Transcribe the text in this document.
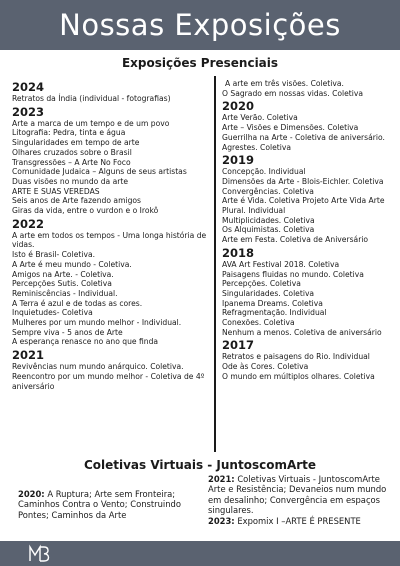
Nossas Exposições
Exposições Presenciais
2024
Retratos da Índia (individual - fotografias)
2023
Arte a marca de um tempo e de um povo
Litografia: Pedra, tinta e água
Singularidades em tempo de arte
Olhares cruzados sobre o Brasil
Transgressões – A Arte No Foco
Comunidade Judaica – Alguns de seus artistas
Duas visões no mundo da arte
ARTE E SUAS VEREDAS
Seis anos de Arte fazendo amigos
Giras da vida, entre o vurdon e o Irokô
2022
A arte em todos os tempos - Uma longa história de vidas.
Isto é Brasil- Coletiva.
A Arte é meu mundo - Coletiva.
Amigos na Arte. - Coletiva.
Percepções Sutis. Coletiva
Reminiscências - Individual.
A Terra é azul e de todas as cores.
Inquietudes- Coletiva
Mulheres por um mundo melhor - Individual.
Sempre viva - 5 anos de Arte
A esperança renasce no ano que finda
2021
Revivências num mundo anárquico. Coletiva.
Reencontro por um mundo melhor - Coletiva de 4º aniversário
A arte em três visões. Coletiva.
O Sagrado em nossas vidas. Coletiva
2020
Arte Verão. Coletiva
Arte – Visões e Dimensões. Coletiva
Guerrilha na Arte - Coletiva de aniversário.
Agrestes. Coletiva
2019
Concepção. Individual
Dimensões da Arte - Blois-Eichler. Coletiva
Convergências. Coletiva
Arte é Vida. Coletiva Projeto Arte Vida Arte
Plural. Individual
Multiplicidades. Coletiva
Os Alquimistas. Coletiva
Arte em Festa. Coletiva de Aniversário
2018
AVA Art Festival 2018. Coletiva
Paisagens fluidas no mundo. Coletiva
Percepções. Coletiva
Singularidades. Coletiva
Ipanema Dreams. Coletiva
Refragmentação. Individual
Conexões. Coletiva
Nenhum a menos. Coletiva de aniversário
2017
Retratos e paisagens do Rio. Individual
Ode às Cores. Coletiva
O mundo em múltiplos olhares. Coletiva
Coletivas Virtuais - JuntoscomArte
2020: A Ruptura; Arte sem Fronteira; Caminhos Contra o Vento; Construindo Pontes; Caminhos da Arte
2021: Coletivas Virtuais - JuntoscomArte Arte e Resistência; Devaneios num mundo em desalinho; Convergência em espaços singulares.
2023: Expomix I –ARTE É PRESENTE
